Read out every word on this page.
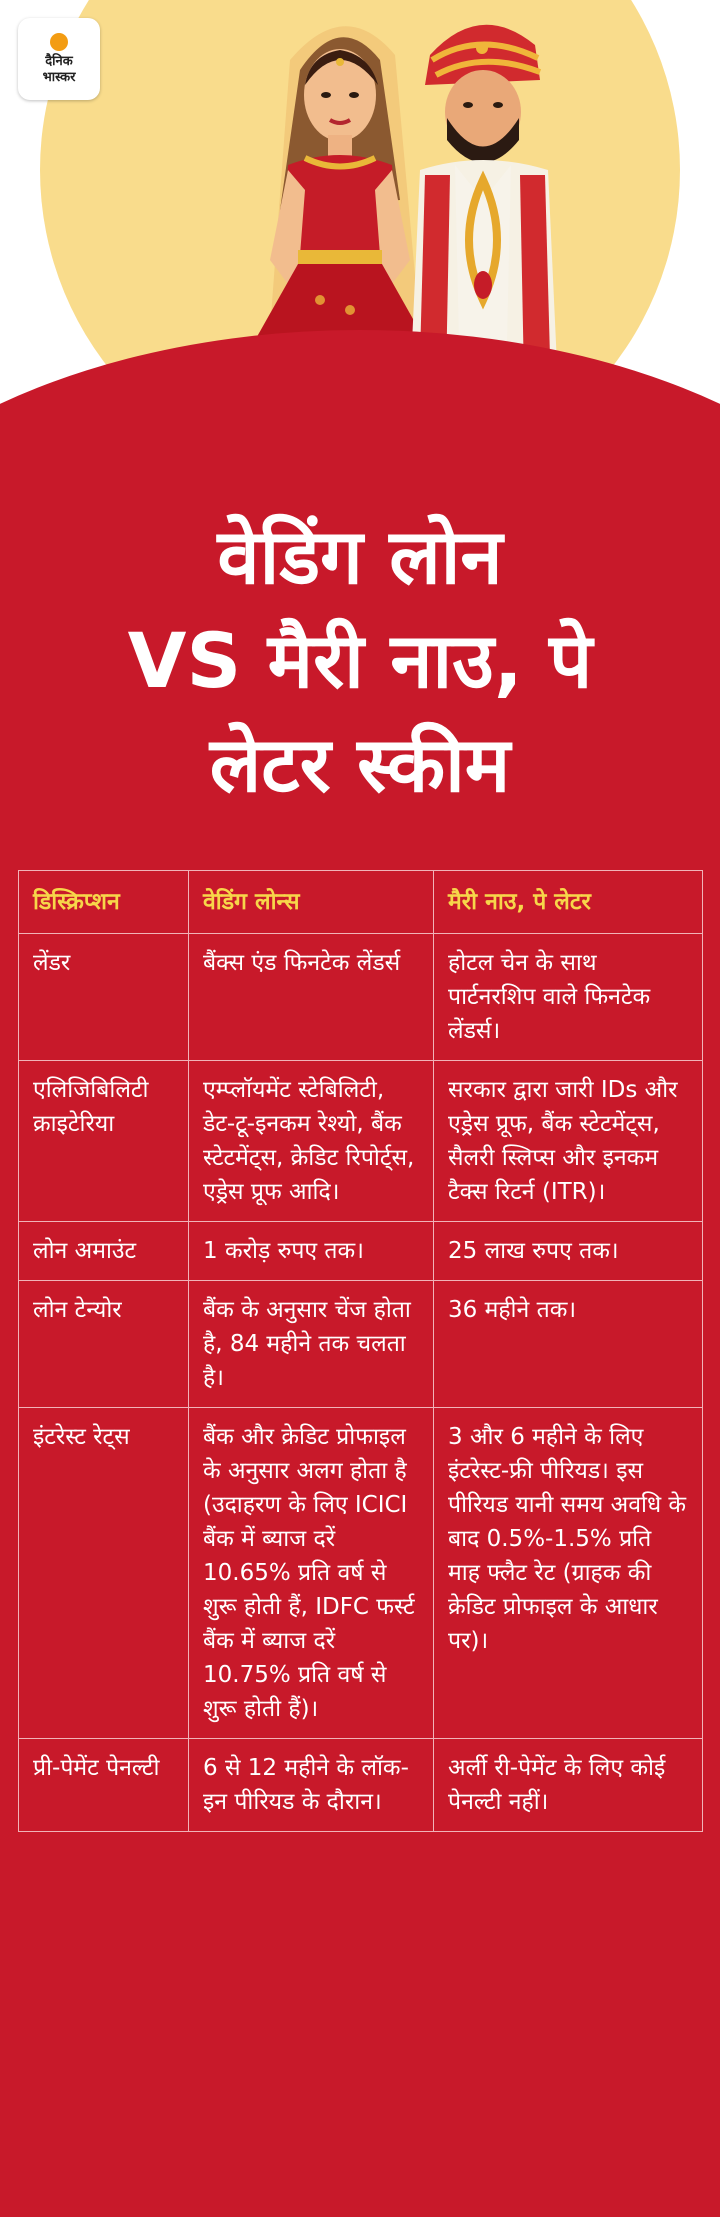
दैनिक
भास्कर
वेडिंग लोन
VS मैरी नाउ, पे
लेटर स्कीम
डिस्क्रिप्शन	वेडिंग लोन्स	मैरी नाउ, पे लेटर
लेंडर	बैंक्स एंड फिनटेक लेंडर्स	होटल चेन के साथ पार्टनरशिप वाले फिनटेक लेंडर्स।
एलिजिबिलिटी क्राइटेरिया	एम्प्लॉयमेंट स्टेबिलिटी, डेट-टू-इनकम रेश्यो, बैंक स्टेटमेंट्स, क्रेडिट रिपोर्ट्स, एड्रेस प्रूफ आदि।	सरकार द्वारा जारी IDs और एड्रेस प्रूफ, बैंक स्टेटमेंट्स, सैलरी स्लिप्स और इनकम टैक्स रिटर्न (ITR)।
लोन अमाउंट	1 करोड़ रुपए तक।	25 लाख रुपए तक।
लोन टेन्योर	बैंक के अनुसार चेंज होता है, 84 महीने तक चलता है।	36 महीने तक।
इंटरेस्ट रेट्स	बैंक और क्रेडिट प्रोफाइल के अनुसार अलग होता है (उदाहरण के लिए ICICI बैंक में ब्याज दरें 10.65% प्रति वर्ष से शुरू होती हैं, IDFC फर्स्ट बैंक में ब्याज दरें 10.75% प्रति वर्ष से शुरू होती हैं)।	3 और 6 महीने के लिए इंटरेस्ट-फ्री पीरियड। इस पीरियड यानी समय अवधि के बाद 0.5%-1.5% प्रति माह फ्लैट रेट (ग्राहक की क्रेडिट प्रोफाइल के आधार पर)।
प्री-पेमेंट पेनल्टी	6 से 12 महीने के लॉक-इन पीरियड के दौरान।	अर्ली री-पेमेंट के लिए कोई पेनल्टी नहीं।
